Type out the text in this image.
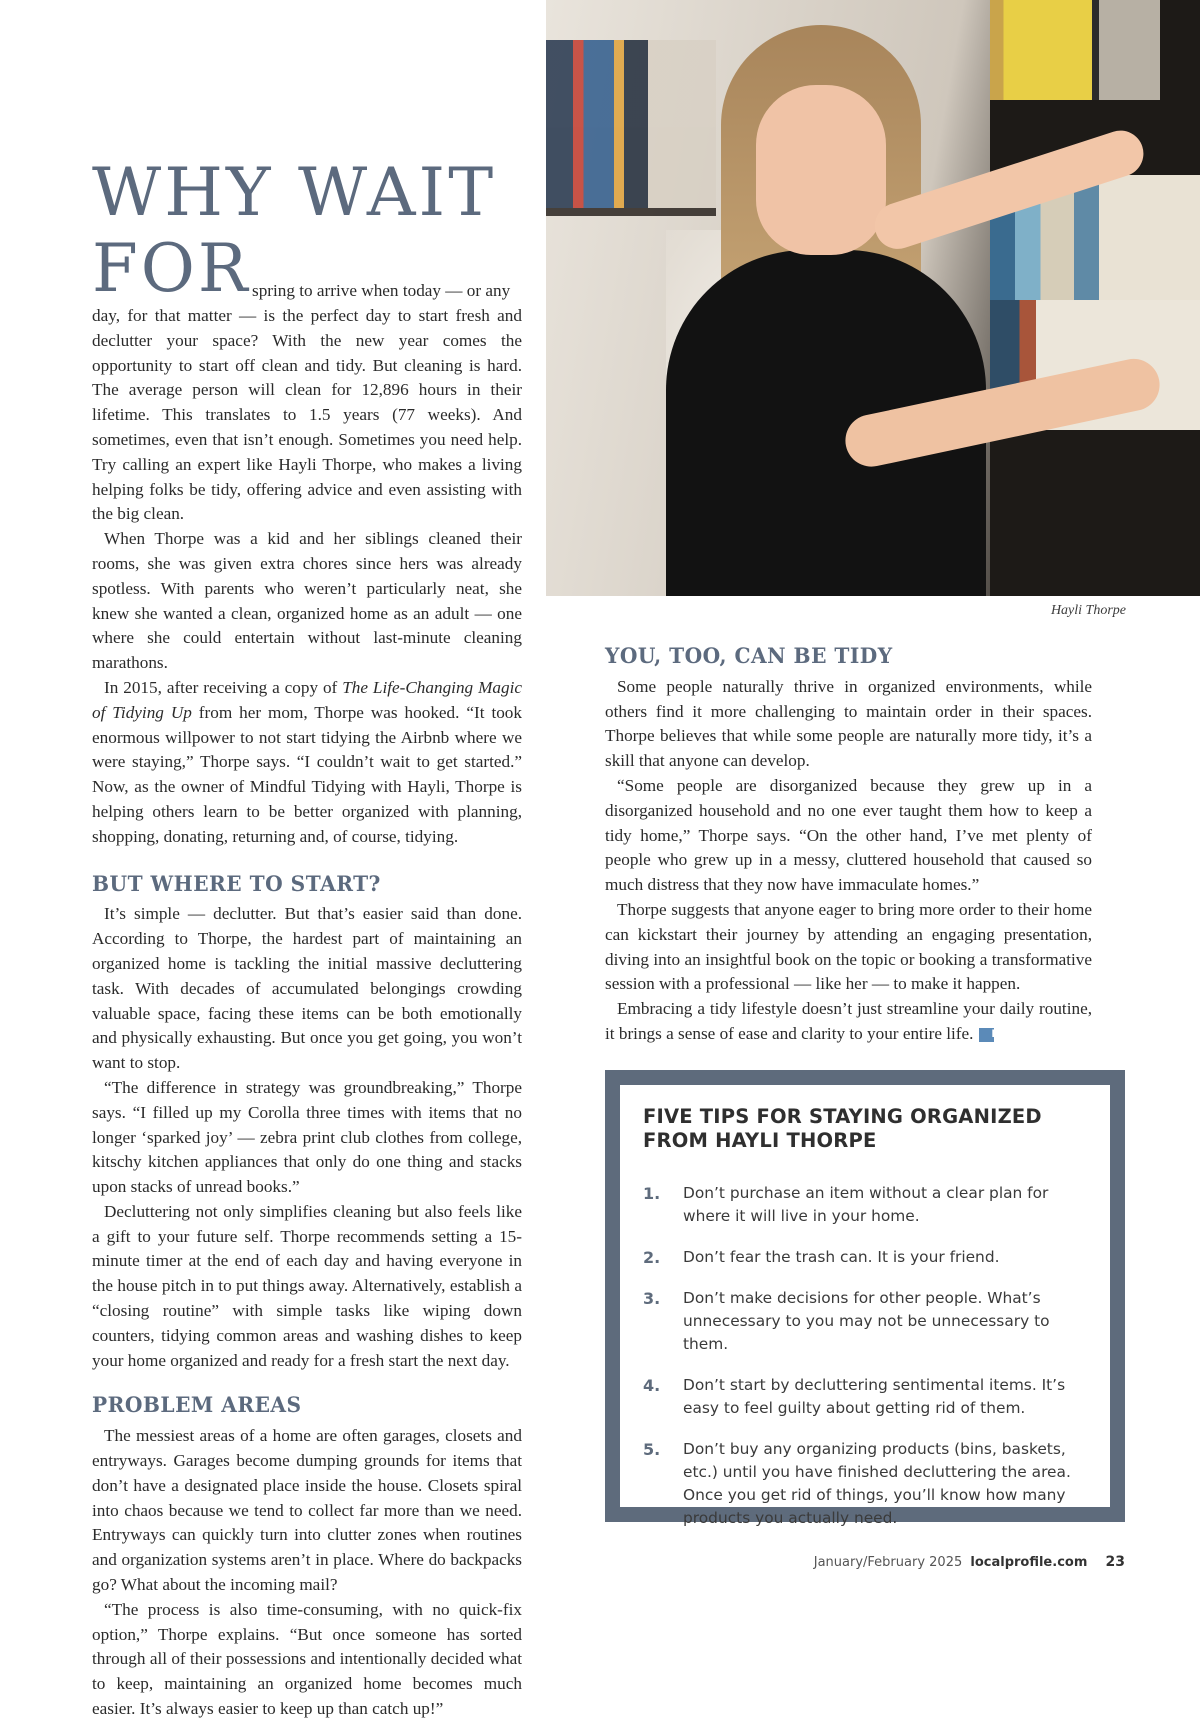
Hayli Thorpe
WHY WAIT
FOR spring to arrive when today — or any

day, for that matter — is the perfect day to start fresh and declutter your space? With the new year comes the opportunity to start off clean and tidy. But cleaning is hard. The average person will clean for 12,896 hours in their lifetime. This translates to 1.5 years (77 weeks). And sometimes, even that isn’t enough. Sometimes you need help. Try calling an expert like Hayli Thorpe, who makes a living helping folks be tidy, offering advice and even assisting with the big clean.

When Thorpe was a kid and her siblings cleaned their rooms, she was given extra chores since hers was already spotless. With parents who weren’t particularly neat, she knew she wanted a clean, organized home as an adult — one where she could entertain without last-minute cleaning marathons.

In 2015, after receiving a copy of The Life-Changing Magic of Tidying Up from her mom, Thorpe was hooked. “It took enormous willpower to not start tidying the Airbnb where we were staying,” Thorpe says. “I couldn’t wait to get started.” Now, as the owner of Mindful Tidying with Hayli, Thorpe is helping others learn to be better organized with planning, shopping, donating, returning and, of course, tidying.

BUT WHERE TO START?

It’s simple — declutter. But that’s easier said than done. According to Thorpe, the hardest part of maintaining an organized home is tackling the initial massive decluttering task. With decades of accumulated belongings crowding valuable space, facing these items can be both emotionally and physically exhausting. But once you get going, you won’t want to stop.

“The difference in strategy was groundbreaking,” Thorpe says. “I filled up my Corolla three times with items that no longer ‘sparked joy’ — zebra print club clothes from college, kitschy kitchen appliances that only do one thing and stacks upon stacks of unread books.”

Decluttering not only simplifies cleaning but also feels like a gift to your future self. Thorpe recommends setting a 15-minute timer at the end of each day and having everyone in the house pitch in to put things away. Alternatively, establish a “closing routine” with simple tasks like wiping down counters, tidying common areas and washing dishes to keep your home organized and ready for a fresh start the next day.

PROBLEM AREAS

The messiest areas of a home are often garages, closets and entryways. Garages become dumping grounds for items that don’t have a designated place inside the house. Closets spiral into chaos because we tend to collect far more than we need. Entryways can quickly turn into clutter zones when routines and organization systems aren’t in place. Where do backpacks go? What about the incoming mail?

“The process is also time-consuming, with no quick-fix option,” Thorpe explains. “But once someone has sorted through all of their possessions and intentionally decided what to keep, maintaining an organized home becomes much easier. It’s always easier to keep up than catch up!”

YOU, TOO, CAN BE TIDY

Some people naturally thrive in organized environments, while others find it more challenging to maintain order in their spaces. Thorpe believes that while some people are naturally more tidy, it’s a skill that anyone can develop.

“Some people are disorganized because they grew up in a disorganized household and no one ever taught them how to keep a tidy home,” Thorpe says. “On the other hand, I’ve met plenty of people who grew up in a messy, cluttered household that caused so much distress that they now have immaculate homes.”

Thorpe suggests that anyone eager to bring more order to their home can kickstart their journey by attending an engaging presentation, diving into an insightful book on the topic or booking a transformative session with a professional — like her — to make it happen.

Embracing a tidy lifestyle doesn’t just streamline your daily routine, it brings a sense of ease and clarity to your entire life. lp

FIVE TIPS FOR STAYING ORGANIZED FROM HAYLI THORPE
1. Don’t purchase an item without a clear plan for where it will live in your home.
2. Don’t fear the trash can. It is your friend.
3. Don’t make decisions for other people. What’s unnecessary to you may not be unnecessary to them.
4. Don’t start by decluttering sentimental items. It’s easy to feel guilty about getting rid of them.
5. Don’t buy any organizing products (bins, baskets, etc.) until you have finished decluttering the area. Once you get rid of things, you’ll know how many products you actually need.
January/February 2025 localprofile.com 23
